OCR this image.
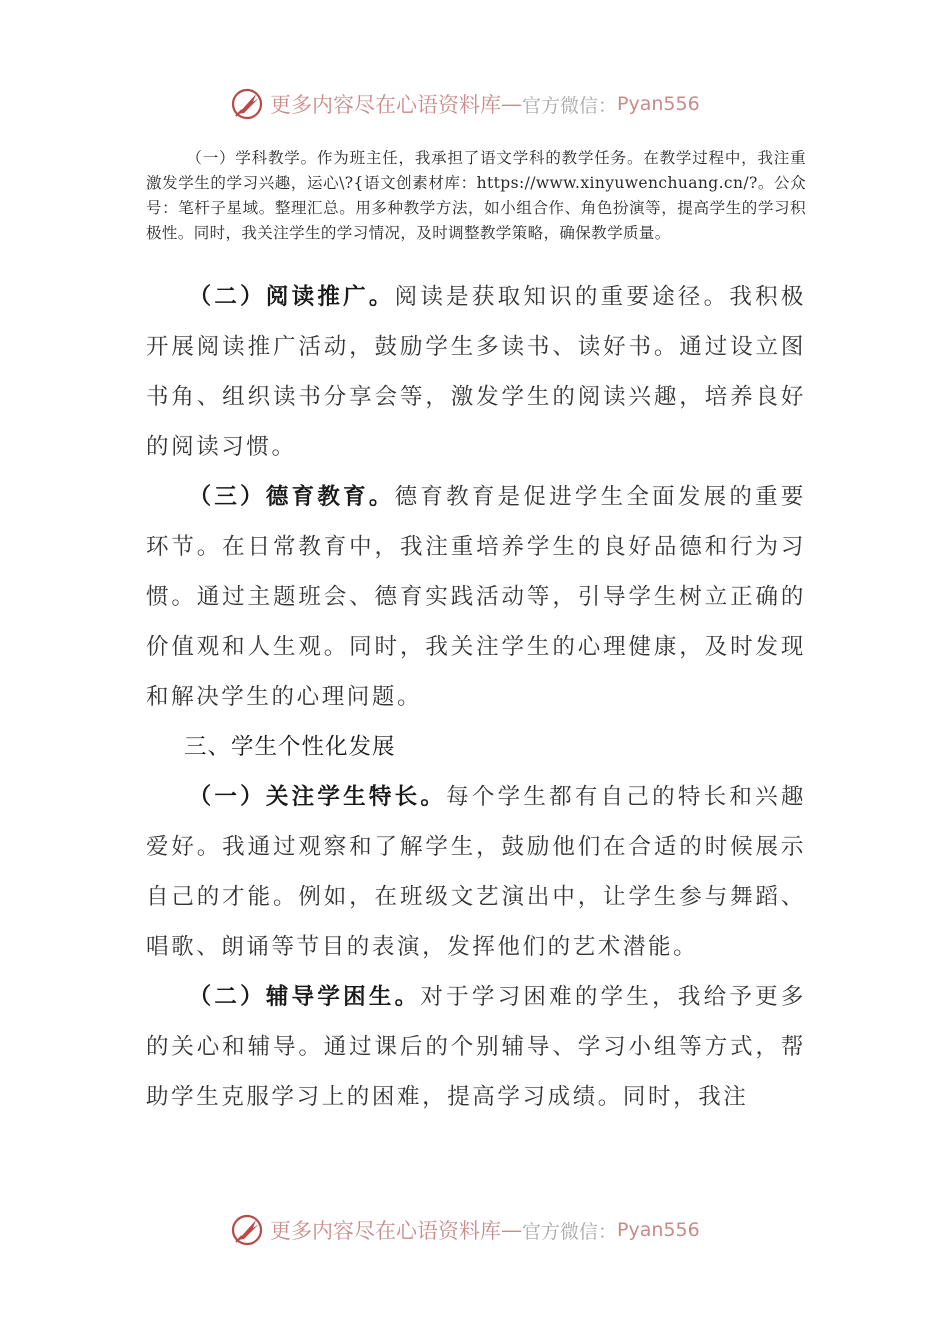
更多内容尽在心语资料库 — 官方微信： Pyan556
（一）学科教学。作为班主任，我承担了语文学科的教学任务。在教学过程中，我注重激发学生的学习兴趣，运心\?{语文创素材库：https://www.xinyuwenchuang.cn/?。公众号：笔杆子星域。整理汇总。用多种教学方法，如小组合作、角色扮演等，提高学生的学习积极性。同时，我关注学生的学习情况，及时调整教学策略，确保教学质量。
（二）阅读推广。阅读是获取知识的重要途径。我积极开展阅读推广活动，鼓励学生多读书、读好书。通过设立图书角、组织读书分享会等，激发学生的阅读兴趣，培养良好的阅读习惯。
（三）德育教育。德育教育是促进学生全面发展的重要环节。在日常教育中，我注重培养学生的良好品德和行为习惯。通过主题班会、德育实践活动等，引导学生树立正确的价值观和人生观。同时，我关注学生的心理健康，及时发现和解决学生的心理问题。
三、学生个性化发展
（一）关注学生特长。每个学生都有自己的特长和兴趣爱好。我通过观察和了解学生，鼓励他们在合适的时候展示自己的才能。例如，在班级文艺演出中，让学生参与舞蹈、唱歌、朗诵等节目的表演，发挥他们的艺术潜能。
（二）辅导学困生。对于学习困难的学生，我给予更多的关心和辅导。通过课后的个别辅导、学习小组等方式，帮助学生克服学习上的困难，提高学习成绩。同时，我注
更多内容尽在心语资料库 — 官方微信： Pyan556
